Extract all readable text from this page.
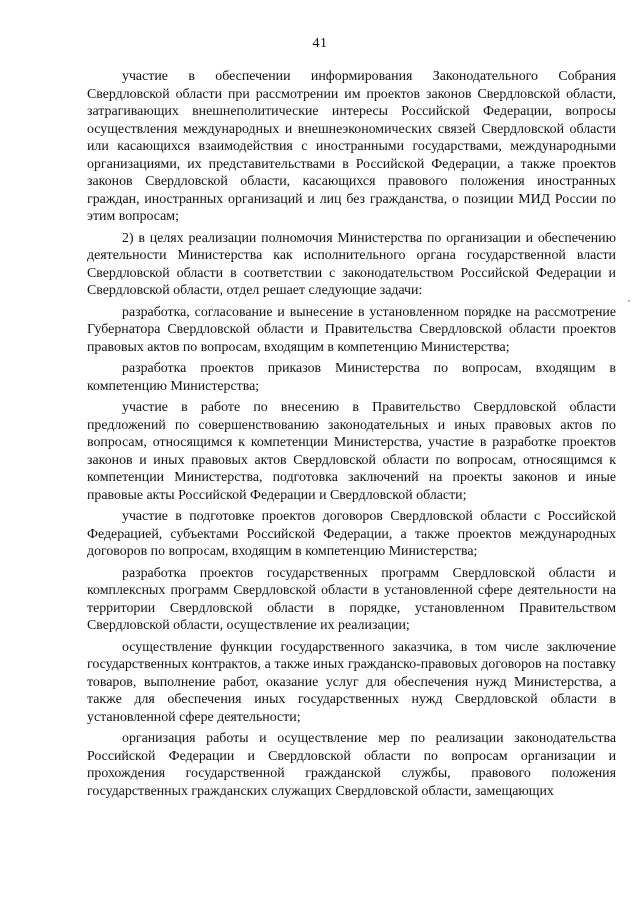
41

участие в обеспечении информирования Законодательного Собрания Свердловской области при рассмотрении им проектов законов Свердловской области, затрагивающих внешнеполитические интересы Российской Федерации, вопросы осуществления международных и внешнеэкономических связей Свердловской области или касающихся взаимодействия с иностранными государствами, международными организациями, их представительствами в Российской Федерации, а также проектов законов Свердловской области, касающихся правового положения иностранных граждан, иностранных организаций и лиц без гражданства, о позиции МИД России по этим вопросам;

2) в целях реализации полномочия Министерства по организации и обеспечению деятельности Министерства как исполнительного органа государственной власти Свердловской области в соответствии с законодательством Российской Федерации и Свердловской области, отдел решает следующие задачи:

разработка, согласование и вынесение в установленном порядке на рассмотрение Губернатора Свердловской области и Правительства Свердловской области проектов правовых актов по вопросам, входящим в компетенцию Министерства;

разработка проектов приказов Министерства по вопросам, входящим в компетенцию Министерства;

участие в работе по внесению в Правительство Свердловской области предложений по совершенствованию законодательных и иных правовых актов по вопросам, относящимся к компетенции Министерства, участие в разработке проектов законов и иных правовых актов Свердловской области по вопросам, относящимся к компетенции Министерства, подготовка заключений на проекты законов и иные правовые акты Российской Федерации и Свердловской области;

участие в подготовке проектов договоров Свердловской области с Российской Федерацией, субъектами Российской Федерации, а также проектов международных договоров по вопросам, входящим в компетенцию Министерства;

разработка проектов государственных программ Свердловской области и комплексных программ Свердловской области в установленной сфере деятельности на территории Свердловской области в порядке, установленном Правительством Свердловской области, осуществление их реализации;

осуществление функции государственного заказчика, в том числе заключение государственных контрактов, а также иных гражданско-правовых договоров на поставку товаров, выполнение работ, оказание услуг для обеспечения нужд Министерства, а также для обеспечения иных государственных нужд Свердловской области в установленной сфере деятельности;

организация работы и осуществление мер по реализации законодательства Российской Федерации и Свердловской области по вопросам организации и прохождения государственной гражданской службы, правового положения государственных гражданских служащих Свердловской области, замещающих
